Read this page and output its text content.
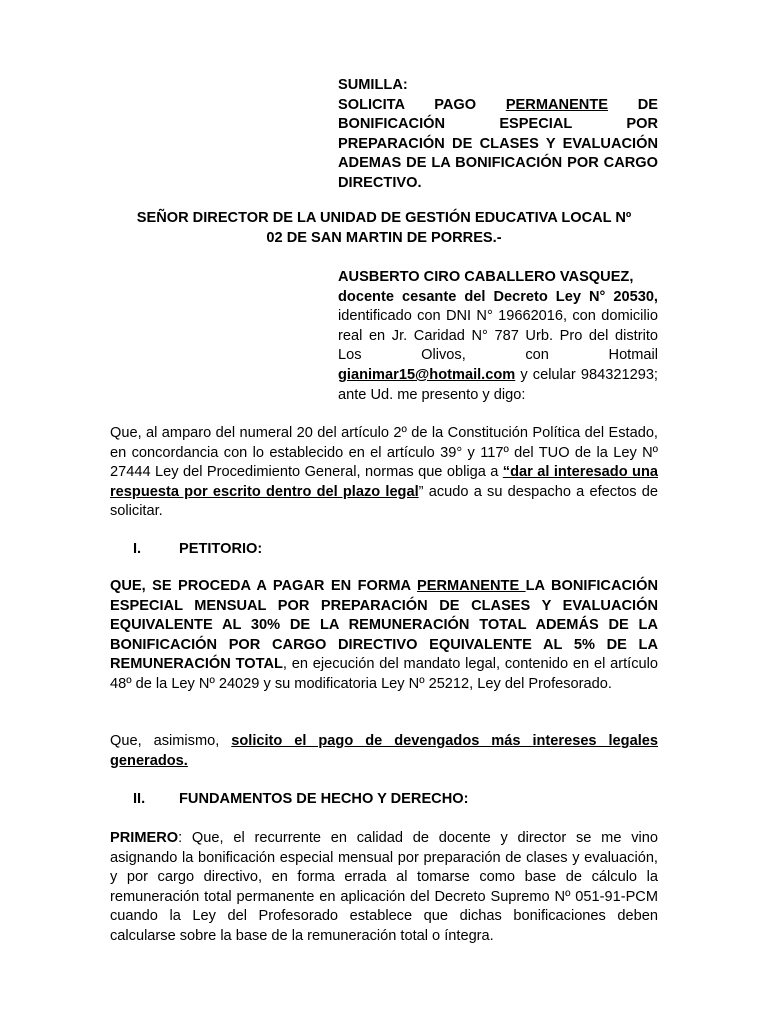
SUMILLA:

SOLICITA PAGO PERMANENTE DE BONIFICACIÓN ESPECIAL POR PREPARACIÓN DE CLASES Y EVALUACIÓN ADEMAS DE LA BONIFICACIÓN POR CARGO DIRECTIVO.

SEÑOR DIRECTOR DE LA UNIDAD DE GESTIÓN EDUCATIVA LOCAL Nº
02 DE SAN MARTIN DE PORRES.-
AUSBERTO CIRO CABALLERO VASQUEZ,
docente cesante del Decreto Ley N° 20530, identificado con DNI N° 19662016, con domicilio real en Jr. Caridad N° 787 Urb. Pro del distrito Los Olivos, con Hotmail gianimar15@hotmail.com y celular 984321293; ante Ud. me presento y digo:
Que, al amparo del numeral 20 del artículo 2º de la Constitución Política del Estado, en concordancia con lo establecido en el artículo 39° y 117º del TUO de la Ley Nº 27444 Ley del Procedimiento General, normas que obliga a “dar al interesado una respuesta por escrito dentro del plazo legal” acudo a su despacho a efectos de solicitar.
I.	PETITORIO:
QUE, SE PROCEDA A PAGAR EN FORMA PERMANENTE LA BONIFICACIÓN ESPECIAL MENSUAL POR PREPARACIÓN DE CLASES Y EVALUACIÓN EQUIVALENTE AL 30% DE LA REMUNERACIÓN TOTAL ADEMÁS DE LA BONIFICACIÓN POR CARGO DIRECTIVO EQUIVALENTE AL 5% DE LA REMUNERACIÓN TOTAL, en ejecución del mandato legal, contenido en el artículo 48º de la Ley Nº 24029 y su modificatoria Ley Nº 25212, Ley del Profesorado.
Que, asimismo, solicito el pago de devengados más intereses legales generados.
II. FUNDAMENTOS DE HECHO Y DERECHO:
PRIMERO: Que, el recurrente en calidad de docente y director se me vino asignando la bonificación especial mensual por preparación de clases y evaluación, y por cargo directivo, en forma errada al tomarse como base de cálculo la remuneración total permanente en aplicación del Decreto Supremo Nº 051-91-PCM cuando la Ley del Profesorado establece que dichas bonificaciones deben calcularse sobre la base de la remuneración total o íntegra.
